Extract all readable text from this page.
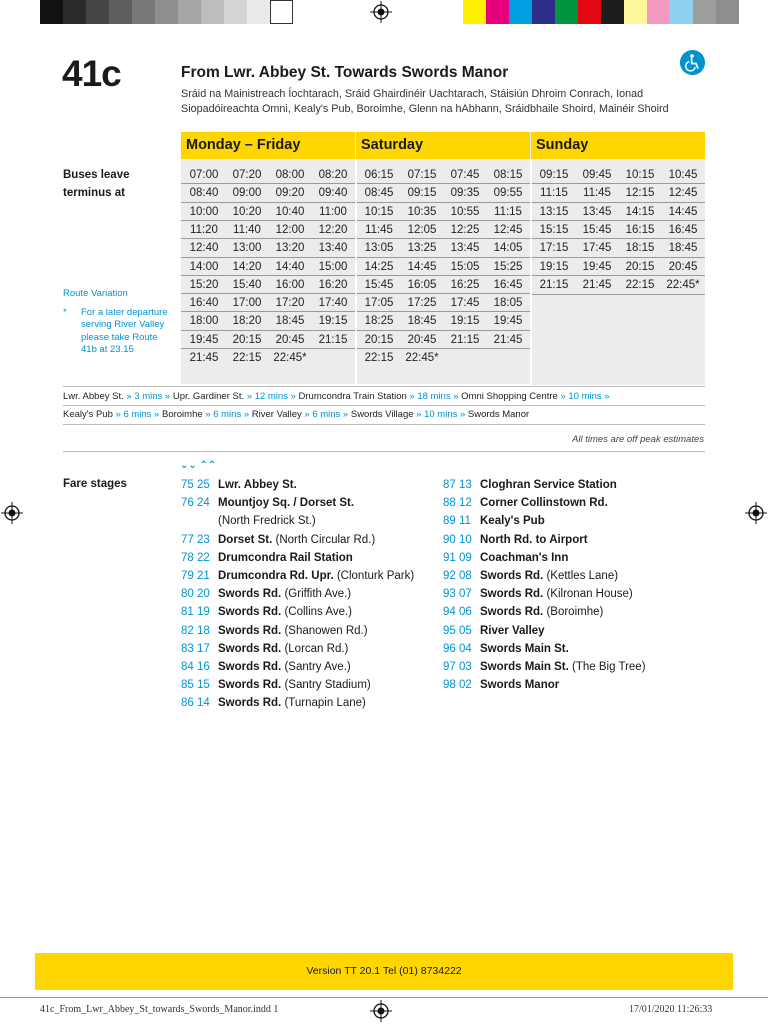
41c	From Lwr. Abbey St. Towards Swords Manor
Sráid na Mainistreach Íochtarach, Sráid Ghairdinéir Uachtarach, Stáisiún Dhroim Conrach, Ionad Siopadóireachta Omni, Kealy's Pub, Boroimhe, Glenn na hAbhann, Sráidbhaile Shoird, Mainéir Shoird
Buses leave
terminus at
Monday – Friday
07:00	07:20	08:00	08:20
08:40	09:00	09:20	09:40
10:00	10:20	10:40	11:00
11:20	11:40	12:00	12:20
12:40	13:00	13:20	13:40
14:00	14:20	14:40	15:00
15:20	15:40	16:00	16:20
16:40	17:00	17:20	17:40
18:00	18:20	18:45	19:15
19:45	20:15	20:45	21:15
21:45	22:15	22:45*
Saturday
06:15	07:15	07:45	08:15
08:45	09:15	09:35	09:55
10:15	10:35	10:55	11:15
11:45	12:05	12:25	12:45
13:05	13:25	13:45	14:05
14:25	14:45	15:05	15:25
15:45	16:05	16:25	16:45
17:05	17:25	17:45	18:05
18:25	18:45	19:15	19:45
20:15	20:45	21:15	21:45
22:15	22:45*
Sunday
09:15	09:45	10:15	10:45
11:15	11:45	12:15	12:45
13:15	13:45	14:15	14:45
15:15	15:45	16:15	16:45
17:15	17:45	18:15	18:45
19:15	19:45	20:15	20:45
21:15	21:45	22:15	22:45*
Route Variation
* For a later departure serving River Valley please take Route 41b at 23.15
Lwr. Abbey St. » 3 mins » Upr. Gardiner St. » 12 mins » Drumcondra Train Station » 18 mins » Omni Shopping Centre » 10 mins »
Kealy's Pub » 6 mins » Boroimhe » 6 mins » River Valley » 6 mins » Swords Village » 10 mins » Swords Manor
All times are off peak estimates
Fare stages
⌄⌄ ⌃⌃
75 25 Lwr. Abbey St.
76 24 Mountjoy Sq. / Dorset St.
(North Fredrick St.)
77 23 Dorset St. (North Circular Rd.)
78 22 Drumcondra Rail Station
79 21 Drumcondra Rd. Upr. (Clonturk Park)
80 20 Swords Rd. (Griffith Ave.)
81 19 Swords Rd. (Collins Ave.)
82 18 Swords Rd. (Shanowen Rd.)
83 17 Swords Rd. (Lorcan Rd.)
84 16 Swords Rd. (Santry Ave.)
85 15 Swords Rd. (Santry Stadium)
86 14 Swords Rd. (Turnapin Lane)
87 13 Cloghran Service Station
88 12 Corner Collinstown Rd.
89 11 Kealy's Pub
90 10 North Rd. to Airport
91 09 Coachman's Inn
92 08 Swords Rd. (Kettles Lane)
93 07 Swords Rd. (Kilronan House)
94 06 Swords Rd. (Boroimhe)
95 05 River Valley
96 04 Swords Main St.
97 03 Swords Main St. (The Big Tree)
98 02 Swords Manor
Version TT 20.1 Tel (01) 8734222
41c_From_Lwr_Abbey_St_towards_Swords_Manor.indd 1	17/01/2020 11:26:33
